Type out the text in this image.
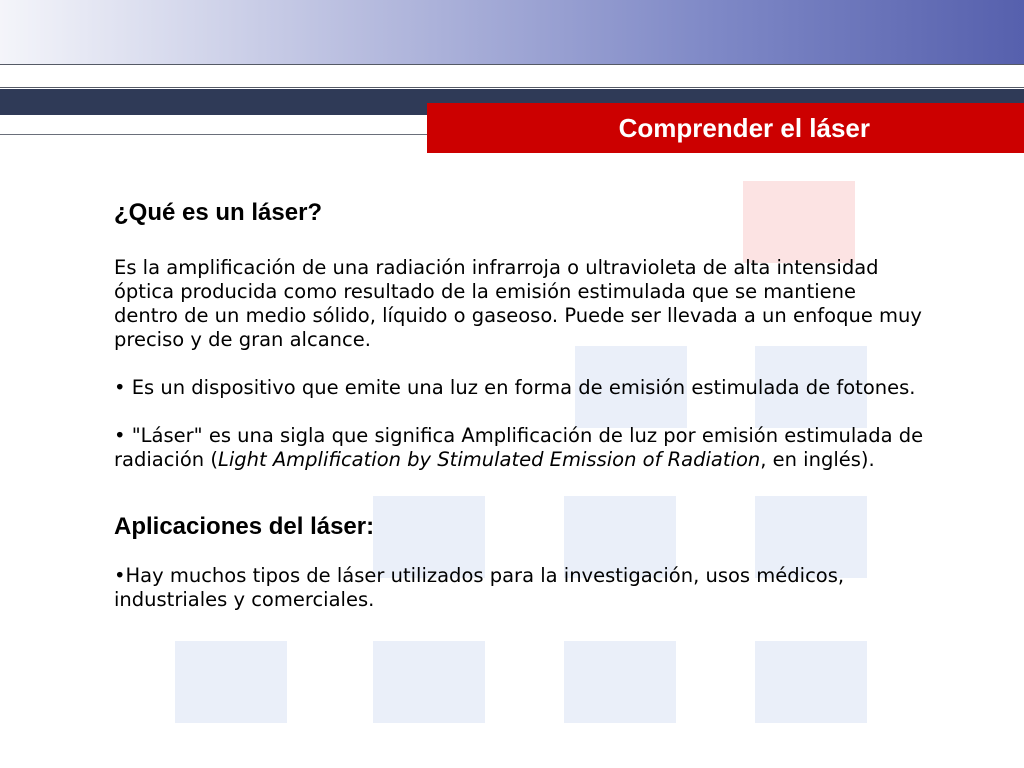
Comprender el láser
¿Qué es un láser?

Es la amplificación de una radiación infrarroja o ultravioleta de alta intensidad óptica producida como resultado de la emisión estimulada que se mantiene dentro de un medio sólido, líquido o gaseoso. Puede ser llevada a un enfoque muy preciso y de gran alcance.

• Es un dispositivo que emite una luz en forma de emisión estimulada de fotones.

• "Láser" es una sigla que significa Amplificación de luz por emisión estimulada de radiación (Light Amplification by Stimulated Emission of Radiation, en inglés).

Aplicaciones del láser:

•Hay muchos tipos de láser utilizados para la investigación, usos médicos, industriales y comerciales.
